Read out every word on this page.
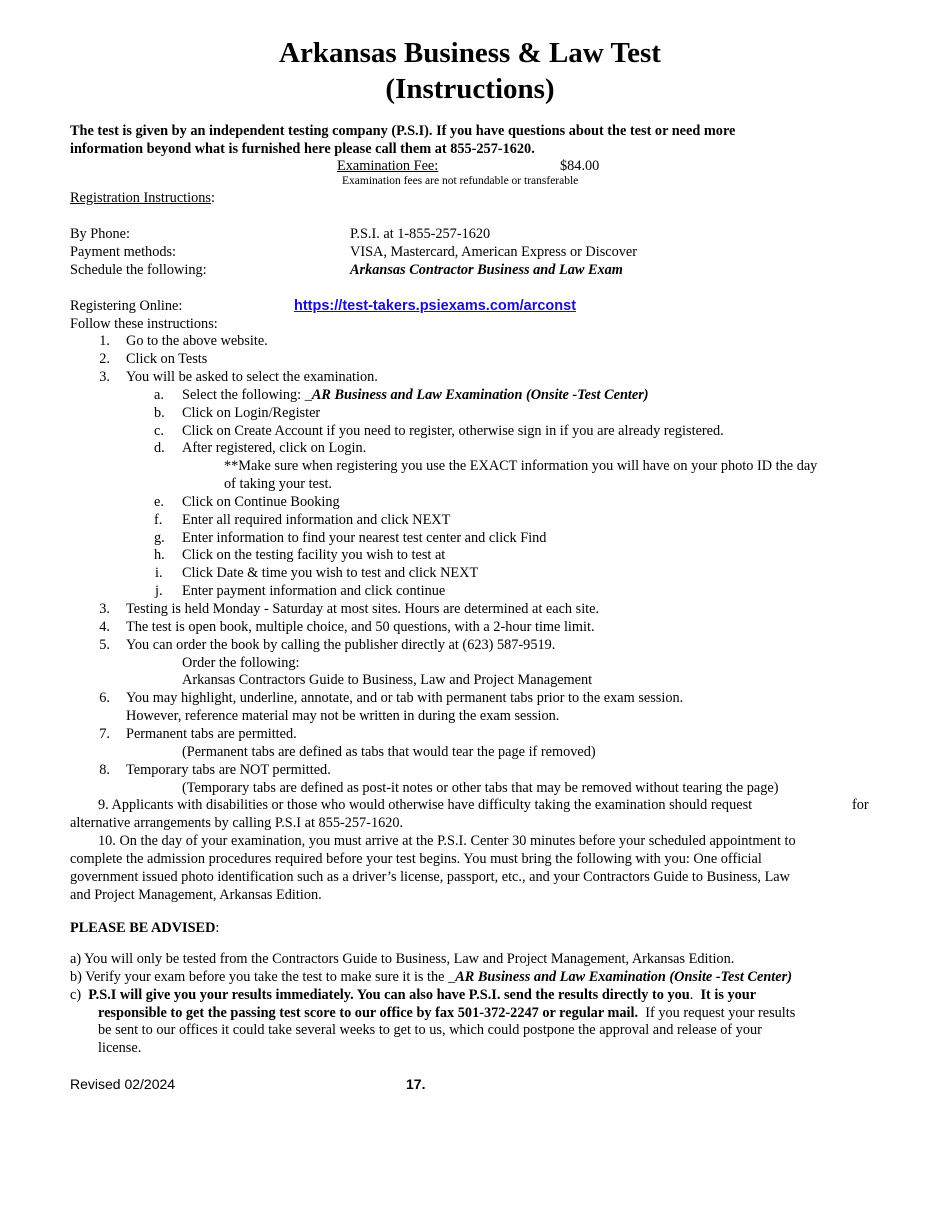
Arkansas Business & Law Test
(Instructions)
The test is given by an independent testing company (P.S.I). If you have questions about the test or need more
information beyond what is furnished here please call them at 855-257-1620.
Examination Fee:	$84.00
Examination fees are not refundable or transferable
Registration Instructions:
By Phone:	P.S.I. at 1-855-257-1620
Payment methods:	VISA, Mastercard, American Express or Discover
Schedule the following:	Arkansas Contractor Business and Law Exam
Registering Online:	https://test-takers.psiexams.com/arconst
Follow these instructions:
1. Go to the above website.
2. Click on Tests
3. You will be asked to select the examination.
a. Select the following: _AR Business and Law Examination (Onsite -Test Center)
b. Click on Login/Register
c. Click on Create Account if you need to register, otherwise sign in if you are already registered.
d. After registered, click on Login.
**Make sure when registering you use the EXACT information you will have on your photo ID the day
of taking your test.
e. Click on Continue Booking
f. Enter all required information and click NEXT
g. Enter information to find your nearest test center and click Find
h. Click on the testing facility you wish to test at
i. Click Date & time you wish to test and click NEXT
j. Enter payment information and click continue
3. Testing is held Monday - Saturday at most sites. Hours are determined at each site.
4. The test is open book, multiple choice, and 50 questions, with a 2-hour time limit.
5. You can order the book by calling the publisher directly at (623) 587-9519.
Order the following:
Arkansas Contractors Guide to Business, Law and Project Management
6. You may highlight, underline, annotate, and or tab with permanent tabs prior to the exam session.
However, reference material may not be written in during the exam session.
7. Permanent tabs are permitted.
(Permanent tabs are defined as tabs that would tear the page if removed)
8. Temporary tabs are NOT permitted.
(Temporary tabs are defined as post-it notes or other tabs that may be removed without tearing the page)
9. Applicants with disabilities or those who would otherwise have difficulty taking the examination should request	for
alternative arrangements by calling P.S.I at 855-257-1620.
10. On the day of your examination, you must arrive at the P.S.I. Center 30 minutes before your scheduled appointment to
complete the admission procedures required before your test begins. You must bring the following with you: One official
government issued photo identification such as a driver’s license, passport, etc., and your Contractors Guide to Business, Law
and Project Management, Arkansas Edition.
PLEASE BE ADVISED:
a) You will only be tested from the Contractors Guide to Business, Law and Project Management, Arkansas Edition.
b) Verify your exam before you take the test to make sure it is the _AR Business and Law Examination (Onsite -Test Center)
c) P.S.I will give you your results immediately. You can also have P.S.I. send the results directly to you. It is your
responsible to get the passing test score to our office by fax 501-372-2247 or regular mail. If you request your results
be sent to our offices it could take several weeks to get to us, which could postpone the approval and release of your
license.
Revised 02/2024	17.
